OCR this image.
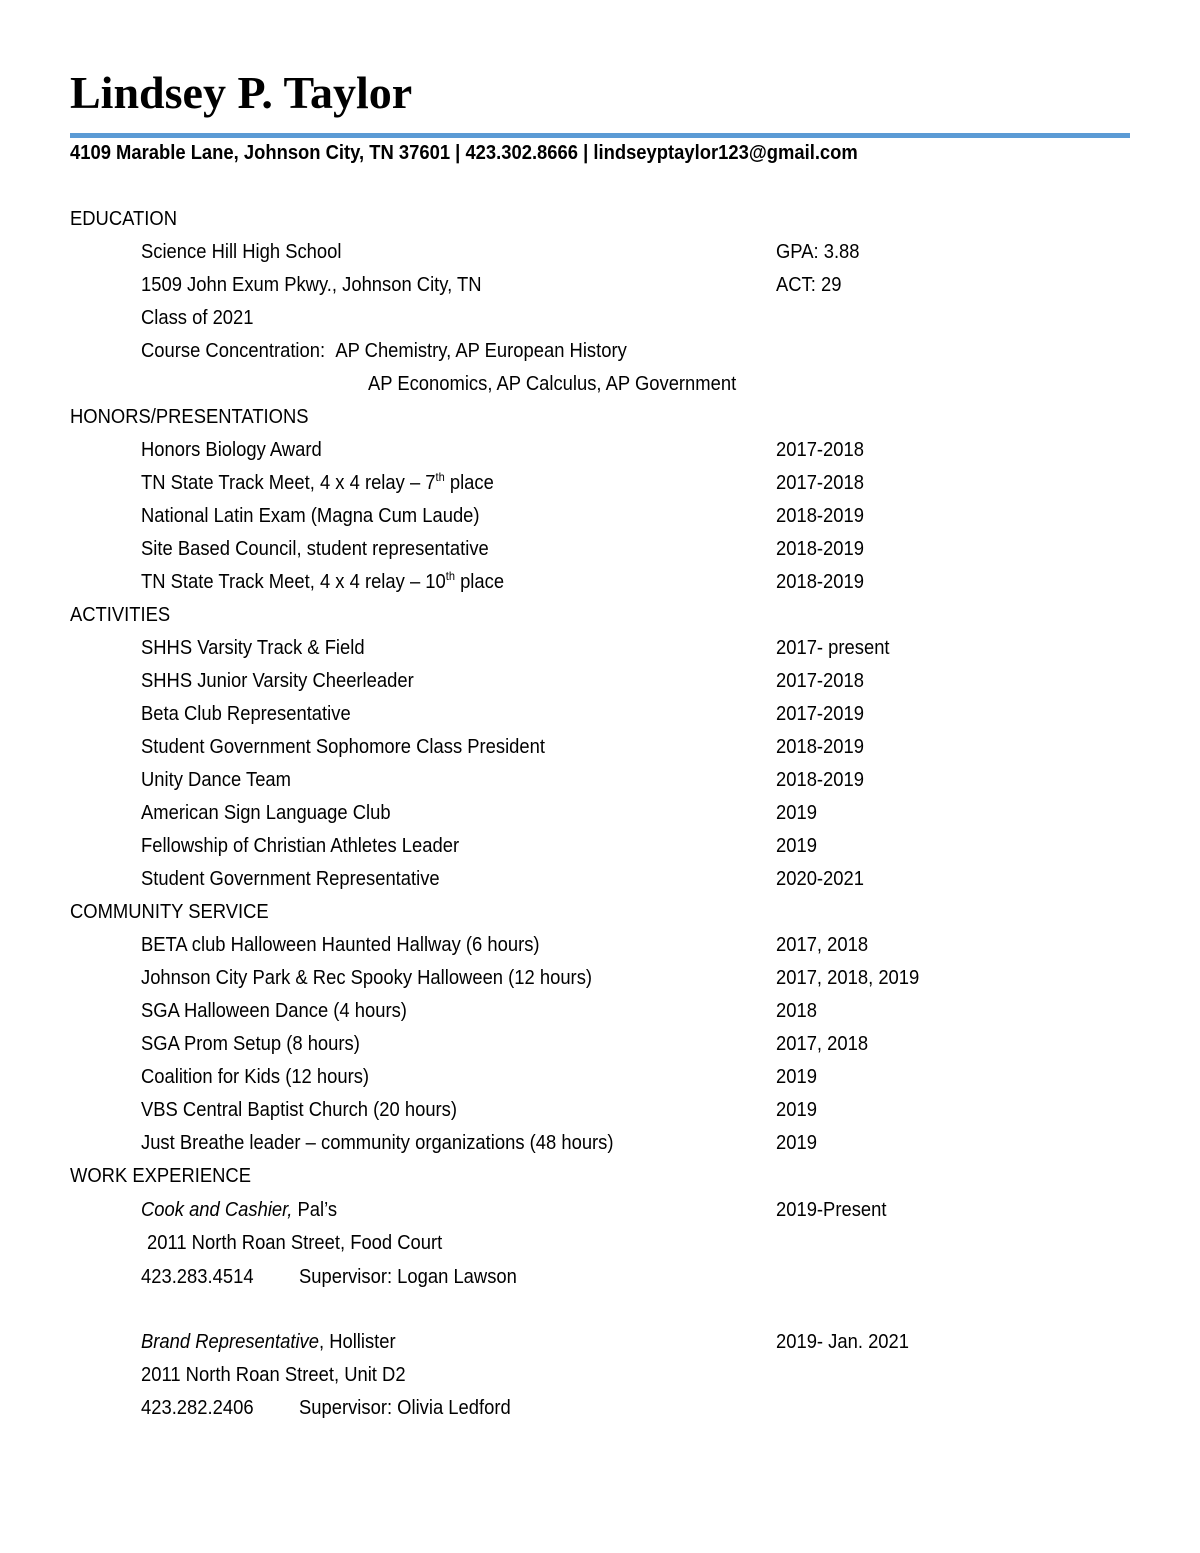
Lindsey P. Taylor
4109 Marable Lane, Johnson City, TN 37601 | 423.302.8666 | lindseyptaylor123@gmail.com
EDUCATION
Science Hill High School	GPA: 3.88
1509 John Exum Pkwy., Johnson City, TN	ACT: 29
Class of 2021
Course Concentration: AP Chemistry, AP European History
AP Economics, AP Calculus, AP Government
HONORS/PRESENTATIONS
Honors Biology Award	2017-2018
TN State Track Meet, 4 x 4 relay – 7th place	2017-2018
National Latin Exam (Magna Cum Laude)	2018-2019
Site Based Council, student representative	2018-2019
TN State Track Meet, 4 x 4 relay – 10th place	2018-2019
ACTIVITIES
SHHS Varsity Track & Field	2017- present
SHHS Junior Varsity Cheerleader	2017-2018
Beta Club Representative	2017-2019
Student Government Sophomore Class President	2018-2019
Unity Dance Team	2018-2019
American Sign Language Club	2019
Fellowship of Christian Athletes Leader	2019
Student Government Representative	2020-2021
COMMUNITY SERVICE
BETA club Halloween Haunted Hallway (6 hours)	2017, 2018
Johnson City Park & Rec Spooky Halloween (12 hours)	2017, 2018, 2019
SGA Halloween Dance (4 hours)	2018
SGA Prom Setup (8 hours)	2017, 2018
Coalition for Kids (12 hours)	2019
VBS Central Baptist Church (20 hours)	2019
Just Breathe leader – community organizations (48 hours)	2019
WORK EXPERIENCE
Cook and Cashier, Pal’s	2019-Present
2011 North Roan Street, Food Court
423.283.4514 Supervisor: Logan Lawson
Brand Representative, Hollister	2019- Jan. 2021
2011 North Roan Street, Unit D2
423.282.2406 Supervisor: Olivia Ledford
